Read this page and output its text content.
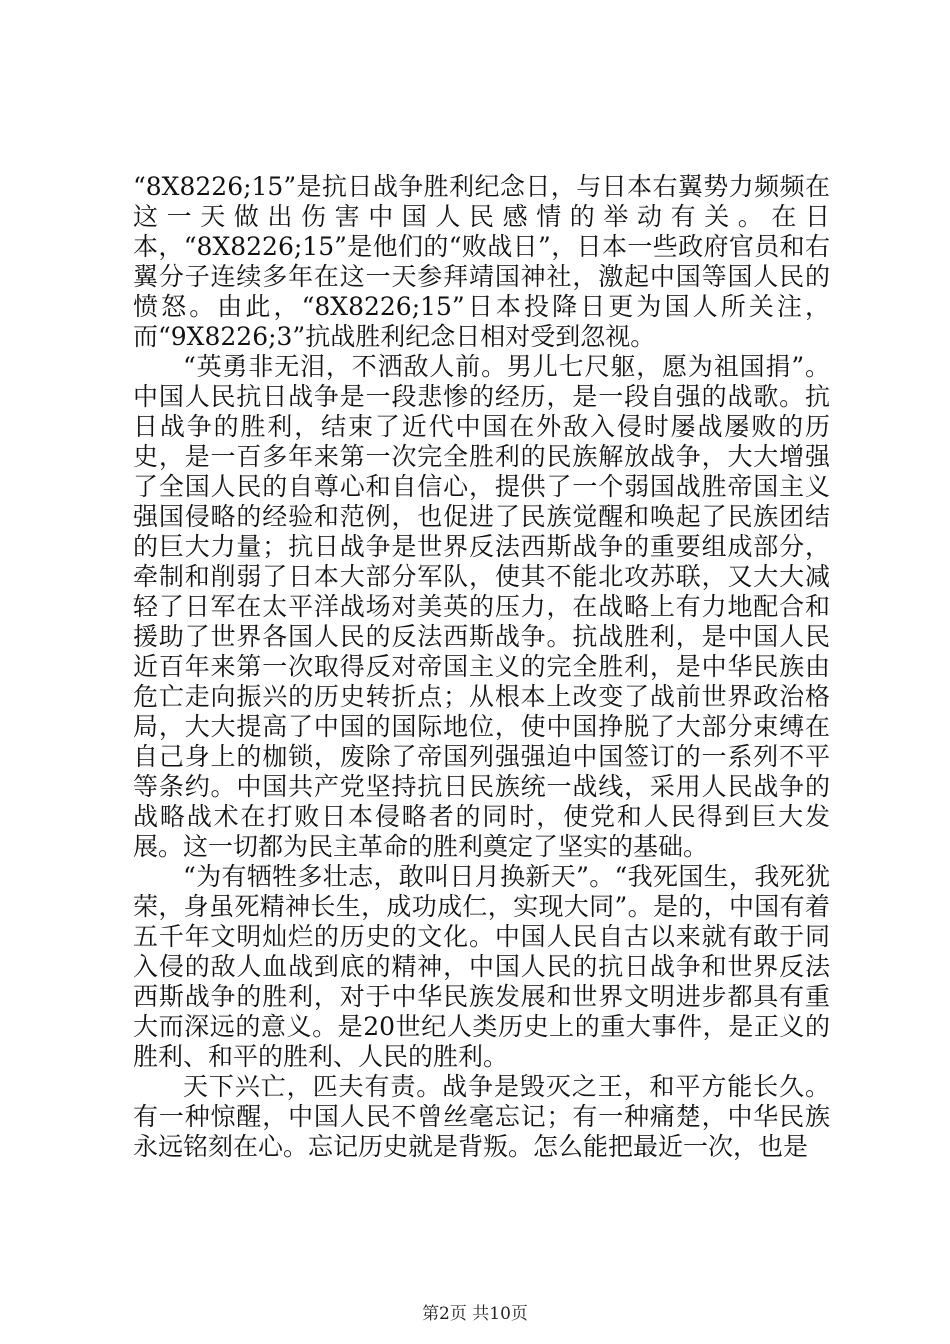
“8X8226;15”是抗日战争胜利纪念日，与日本右翼势力频频在这一天做出伤害中国人民感情的举动有关。在日本，“8X8226;15”是他们的“败战日”，日本一些政府官员和右翼分子连续多年在这一天参拜靖国神社，激起中国等国人民的愤怒。由此，“8X8226;15”日本投降日更为国人所关注，而“9X8226;3”抗战胜利纪念日相对受到忽视。

“英勇非无泪，不洒敌人前。男儿七尺躯，愿为祖国捐”。中国人民抗日战争是一段悲惨的经历，是一段自强的战歌。抗日战争的胜利，结束了近代中国在外敌入侵时屡战屡败的历史，是一百多年来第一次完全胜利的民族解放战争，大大增强了全国人民的自尊心和自信心，提供了一个弱国战胜帝国主义强国侵略的经验和范例，也促进了民族觉醒和唤起了民族团结的巨大力量；抗日战争是世界反法西斯战争的重要组成部分，牵制和削弱了日本大部分军队，使其不能北攻苏联，又大大减轻了日军在太平洋战场对美英的压力，在战略上有力地配合和援助了世界各国人民的反法西斯战争。抗战胜利，是中国人民近百年来第一次取得反对帝国主义的完全胜利，是中华民族由危亡走向振兴的历史转折点；从根本上改变了战前世界政治格局，大大提高了中国的国际地位，使中国挣脱了大部分束缚在自己身上的枷锁，废除了帝国列强强迫中国签订的一系列不平等条约。中国共产党坚持抗日民族统一战线，采用人民战争的战略战术在打败日本侵略者的同时，使党和人民得到巨大发展。这一切都为民主革命的胜利奠定了坚实的基础。

“为有牺牲多壮志，敢叫日月换新天”。“我死国生，我死犹荣，身虽死精神长生，成功成仁，实现大同”。是的，中国有着五千年文明灿烂的历史的文化。中国人民自古以来就有敢于同入侵的敌人血战到底的精神，中国人民的抗日战争和世界反法西斯战争的胜利，对于中华民族发展和世界文明进步都具有重大而深远的意义。是20世纪人类历史上的重大事件，是正义的胜利、和平的胜利、人民的胜利。

天下兴亡，匹夫有责。战争是毁灭之王，和平方能长久。有一种惊醒，中国人民不曾丝毫忘记；有一种痛楚，中华民族永远铭刻在心。忘记历史就是背叛。怎么能把最近一次，也是

第2页 共10页
